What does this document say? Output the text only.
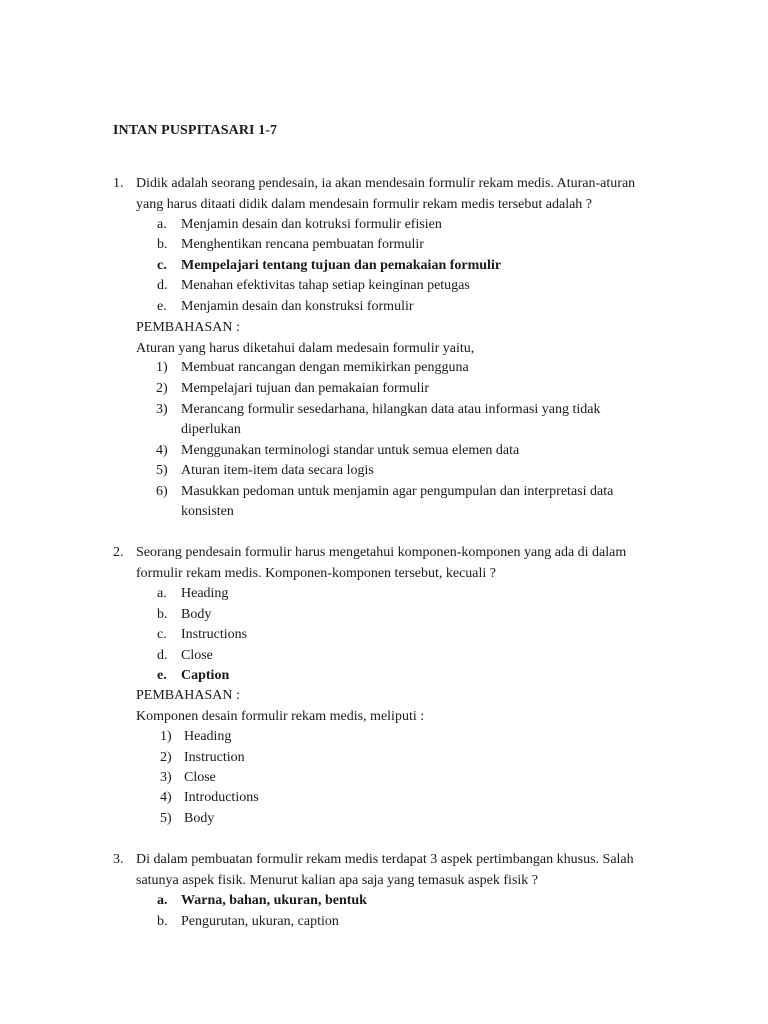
INTAN PUSPITASARI 1-7
1. Didik adalah seorang pendesain, ia akan mendesain formulir rekam medis. Aturan-aturan
yang harus ditaati didik dalam mendesain formulir rekam medis tersebut adalah ?
a. Menjamin desain dan kotruksi formulir efisien
b. Menghentikan rencana pembuatan formulir
c. Mempelajari tentang tujuan dan pemakaian formulir
d. Menahan efektivitas tahap setiap keinginan petugas
e. Menjamin desain dan konstruksi formulir
PEMBAHASAN :
Aturan yang harus diketahui dalam medesain formulir yaitu,
1) Membuat rancangan dengan memikirkan pengguna
2) Mempelajari tujuan dan pemakaian formulir
3) Merancang formulir sesedarhana, hilangkan data atau informasi yang tidak
diperlukan
4) Menggunakan terminologi standar untuk semua elemen data
5) Aturan item-item data secara logis
6) Masukkan pedoman untuk menjamin agar pengumpulan dan interpretasi data
konsisten
2. Seorang pendesain formulir harus mengetahui komponen-komponen yang ada di dalam
formulir rekam medis. Komponen-komponen tersebut, kecuali ?
a. Heading
b. Body
c. Instructions
d. Close
e. Caption
PEMBAHASAN :
Komponen desain formulir rekam medis, meliputi :
1) Heading
2) Instruction
3) Close
4) Introductions
5) Body
3. Di dalam pembuatan formulir rekam medis terdapat 3 aspek pertimbangan khusus. Salah
satunya aspek fisik. Menurut kalian apa saja yang temasuk aspek fisik ?
a. Warna, bahan, ukuran, bentuk
b. Pengurutan, ukuran, caption
